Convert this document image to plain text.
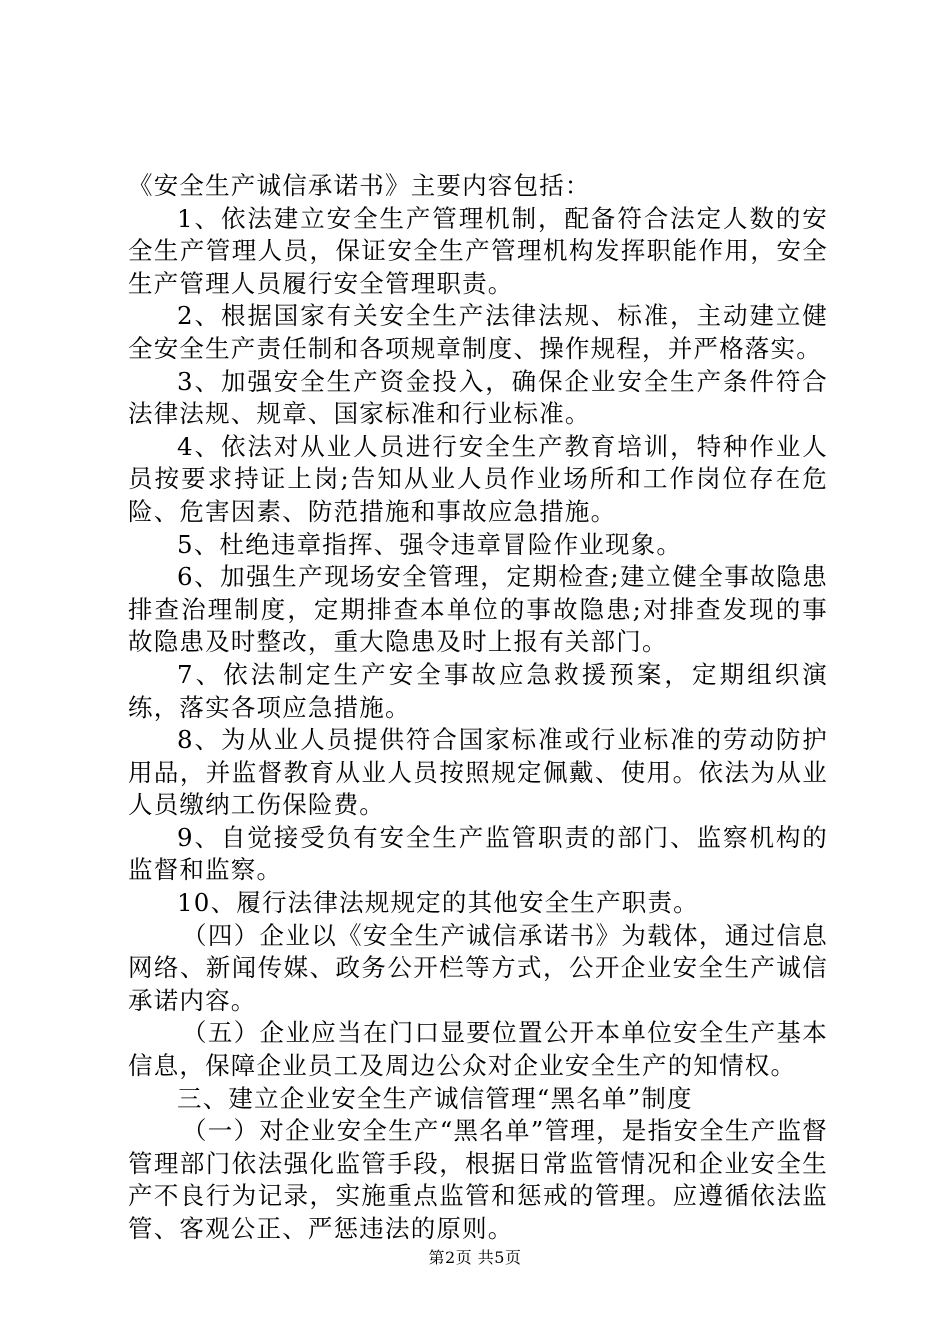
《安全生产诚信承诺书》主要内容包括：

1、依法建立安全生产管理机制，配备符合法定人数的安全生产管理人员，保证安全生产管理机构发挥职能作用，安全生产管理人员履行安全管理职责。

2、根据国家有关安全生产法律法规、标准，主动建立健全安全生产责任制和各项规章制度、操作规程，并严格落实。

3、加强安全生产资金投入，确保企业安全生产条件符合法律法规、规章、国家标准和行业标准。

4、依法对从业人员进行安全生产教育培训，特种作业人员按要求持证上岗;告知从业人员作业场所和工作岗位存在危险、危害因素、防范措施和事故应急措施。

5、杜绝违章指挥、强令违章冒险作业现象。

6、加强生产现场安全管理，定期检查;建立健全事故隐患排查治理制度，定期排查本单位的事故隐患;对排查发现的事故隐患及时整改，重大隐患及时上报有关部门。

7、依法制定生产安全事故应急救援预案，定期组织演练，落实各项应急措施。

8、为从业人员提供符合国家标准或行业标准的劳动防护用品，并监督教育从业人员按照规定佩戴、使用。依法为从业人员缴纳工伤保险费。

9、自觉接受负有安全生产监管职责的部门、监察机构的监督和监察。

10、履行法律法规规定的其他安全生产职责。

（四）企业以《安全生产诚信承诺书》为载体，通过信息网络、新闻传媒、政务公开栏等方式，公开企业安全生产诚信承诺内容。

（五）企业应当在门口显要位置公开本单位安全生产基本信息，保障企业员工及周边公众对企业安全生产的知情权。

三、建立企业安全生产诚信管理“黑名单”制度

（一）对企业安全生产“黑名单”管理，是指安全生产监督管理部门依法强化监管手段，根据日常监管情况和企业安全生产不良行为记录，实施重点监管和惩戒的管理。应遵循依法监管、客观公正、严惩违法的原则。

第2页 共5页
